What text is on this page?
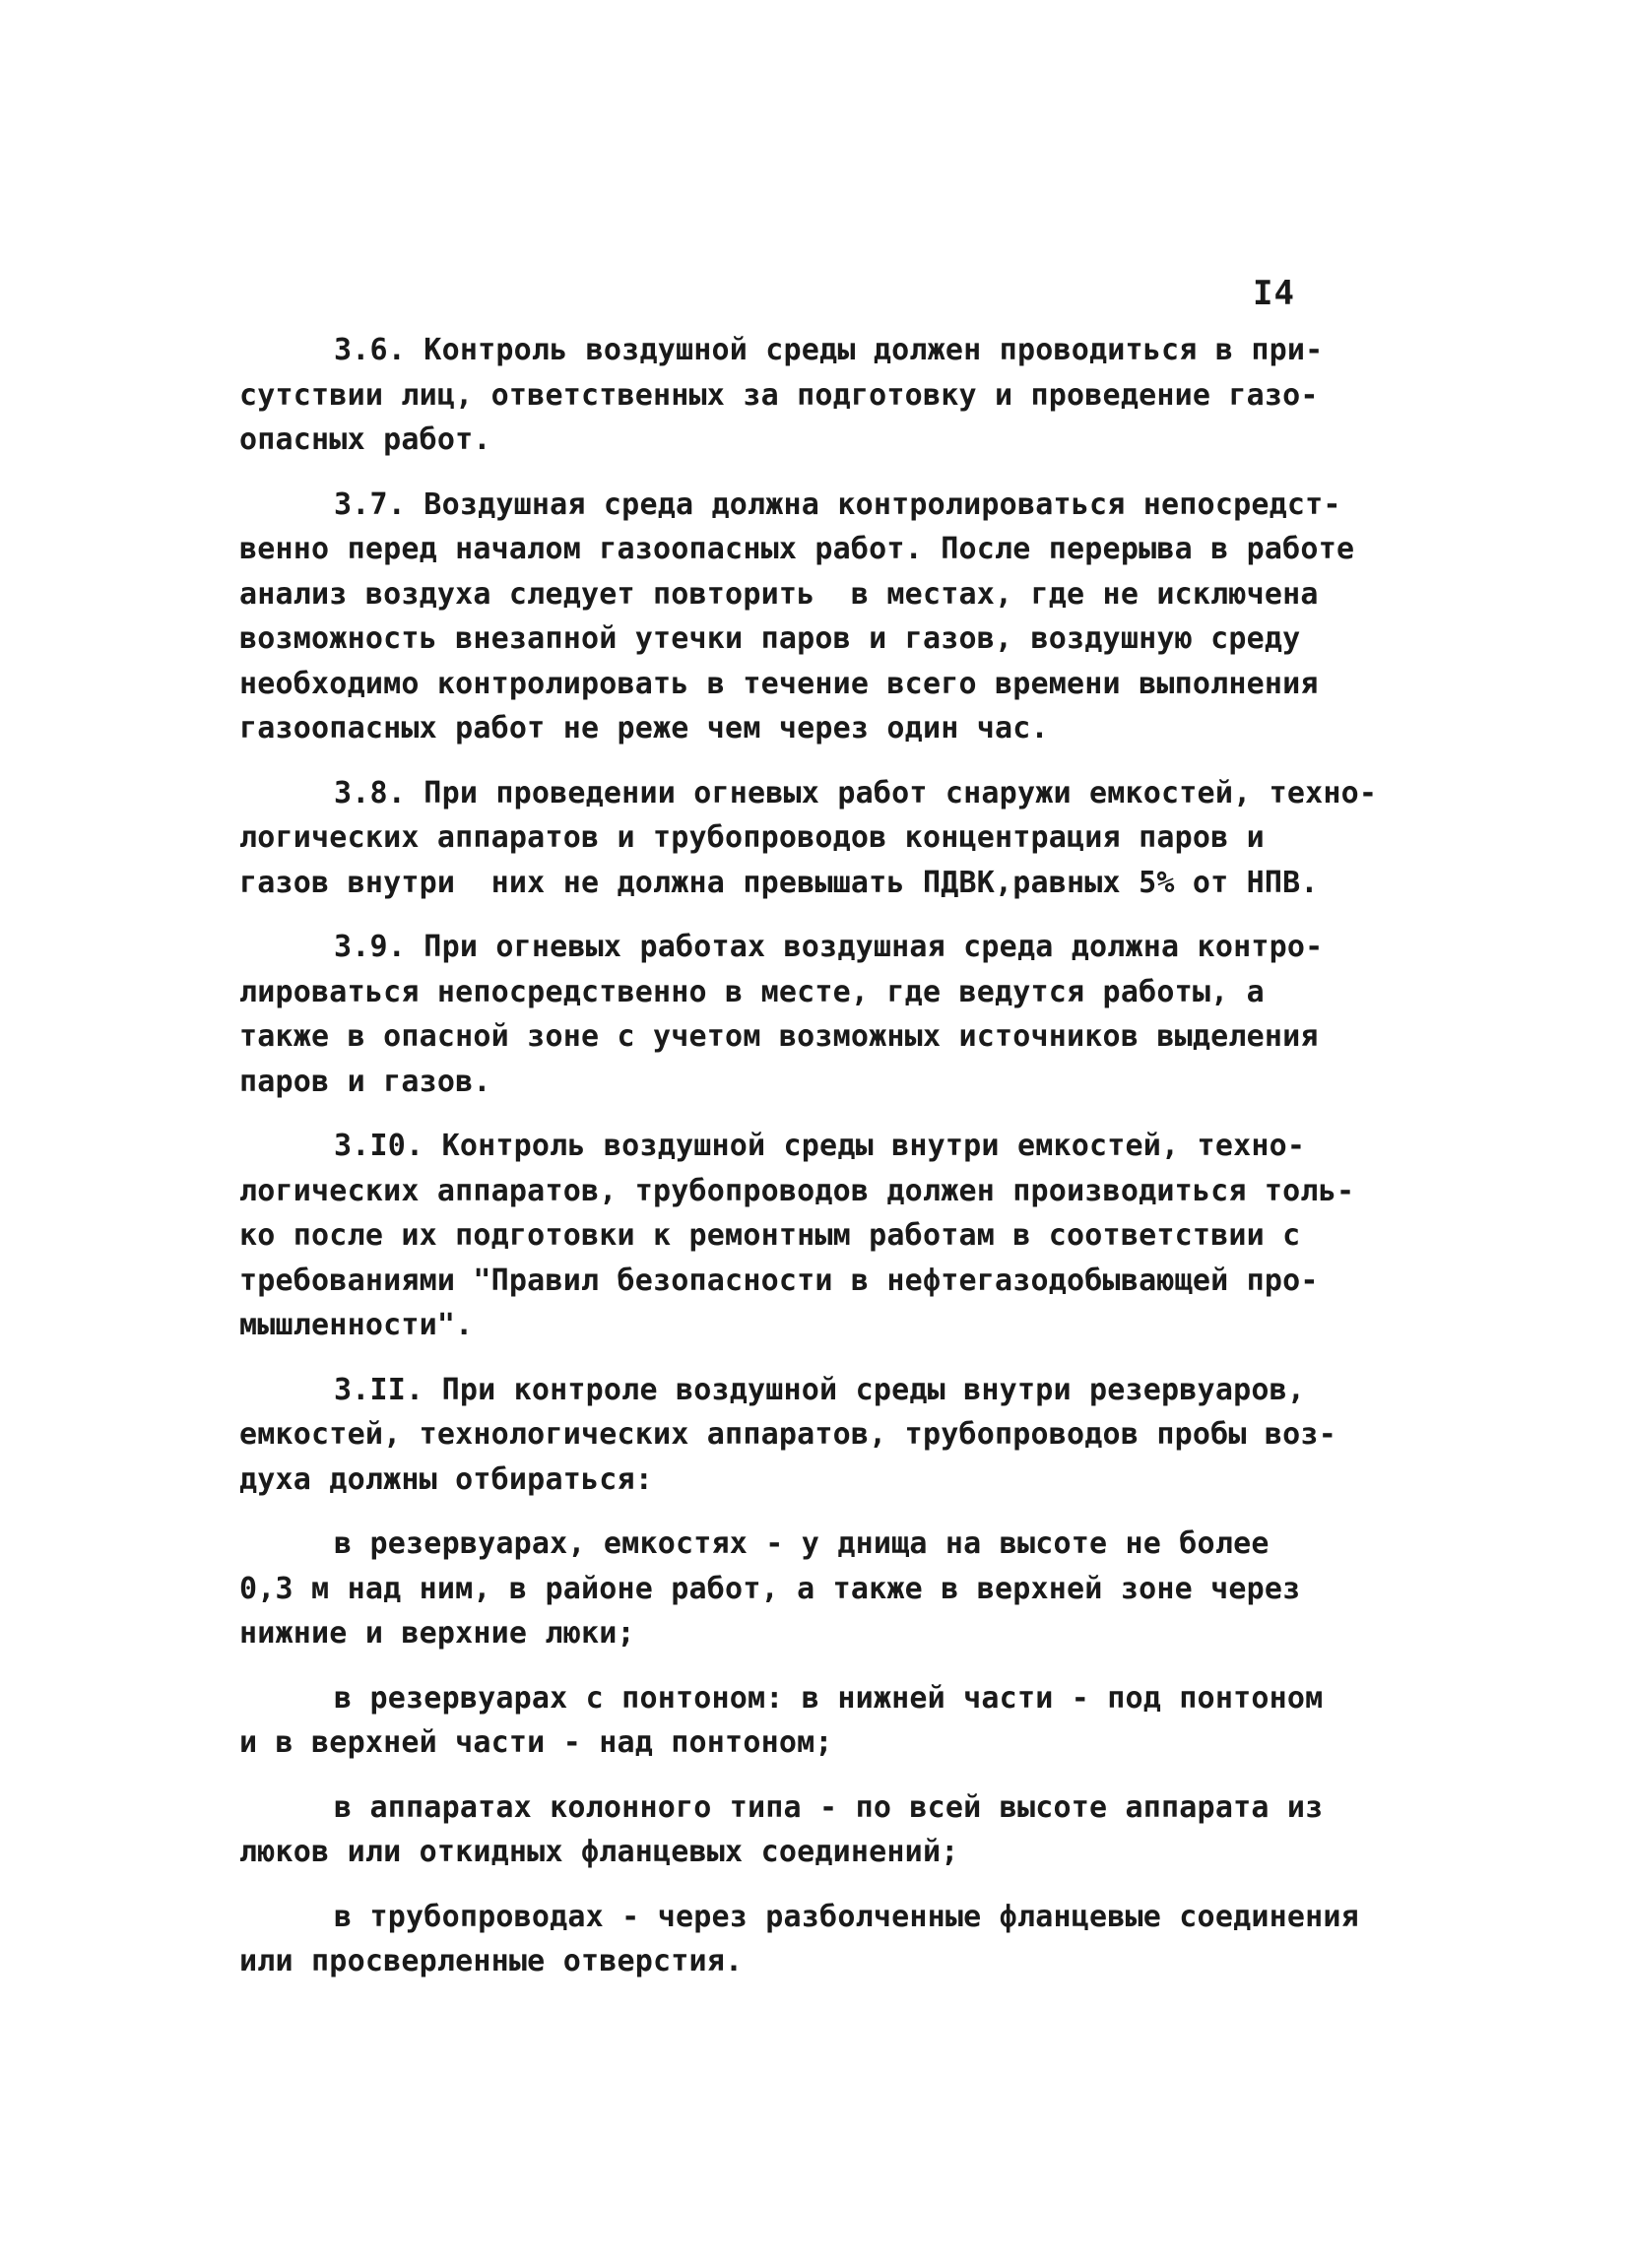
I4
3.6. Контроль воздушной среды должен проводиться в при-
сутствии лиц, ответственных за подготовку и проведение газо-
опасных работ.
3.7. Воздушная среда должна контролироваться непосредст-
венно перед началом газоопасных работ. После перерыва в работе
анализ воздуха следует повторить  в местах, где не исключена
возможность внезапной утечки паров и газов, воздушную среду
необходимо контролировать в течение всего времени выполнения
газоопасных работ не реже чем через один час.
3.8. При проведении огневых работ снаружи емкостей, техно-
логических аппаратов и трубопроводов концентрация паров и
газов внутри  них не должна превышать ПДВК,равных 5% от НПВ.
3.9. При огневых работах воздушная среда должна контро-
лироваться непосредственно в месте, где ведутся работы, а
также в опасной зоне с учетом возможных источников выделения
паров и газов.
3.I0. Контроль воздушной среды внутри емкостей, техно-
логических аппаратов, трубопроводов должен производиться толь-
ко после их подготовки к ремонтным работам в соответствии с
требованиями "Правил безопасности в нефтегазодобывающей про-
мышленности".
3.II. При контроле воздушной среды внутри резервуаров,
емкостей, технологических аппаратов, трубопроводов пробы воз-
духа должны отбираться:
в резервуарах, емкостях - у днища на высоте не более
0,3 м над ним, в районе работ, а также в верхней зоне через
нижние и верхние люки;
в резервуарах с понтоном: в нижней части - под понтоном
и в верхней части - над понтоном;
в аппаратах колонного типа - по всей высоте аппарата из
люков или откидных фланцевых соединений;
в трубопроводах - через разболченные фланцевые соединения
или просверленные отверстия.
